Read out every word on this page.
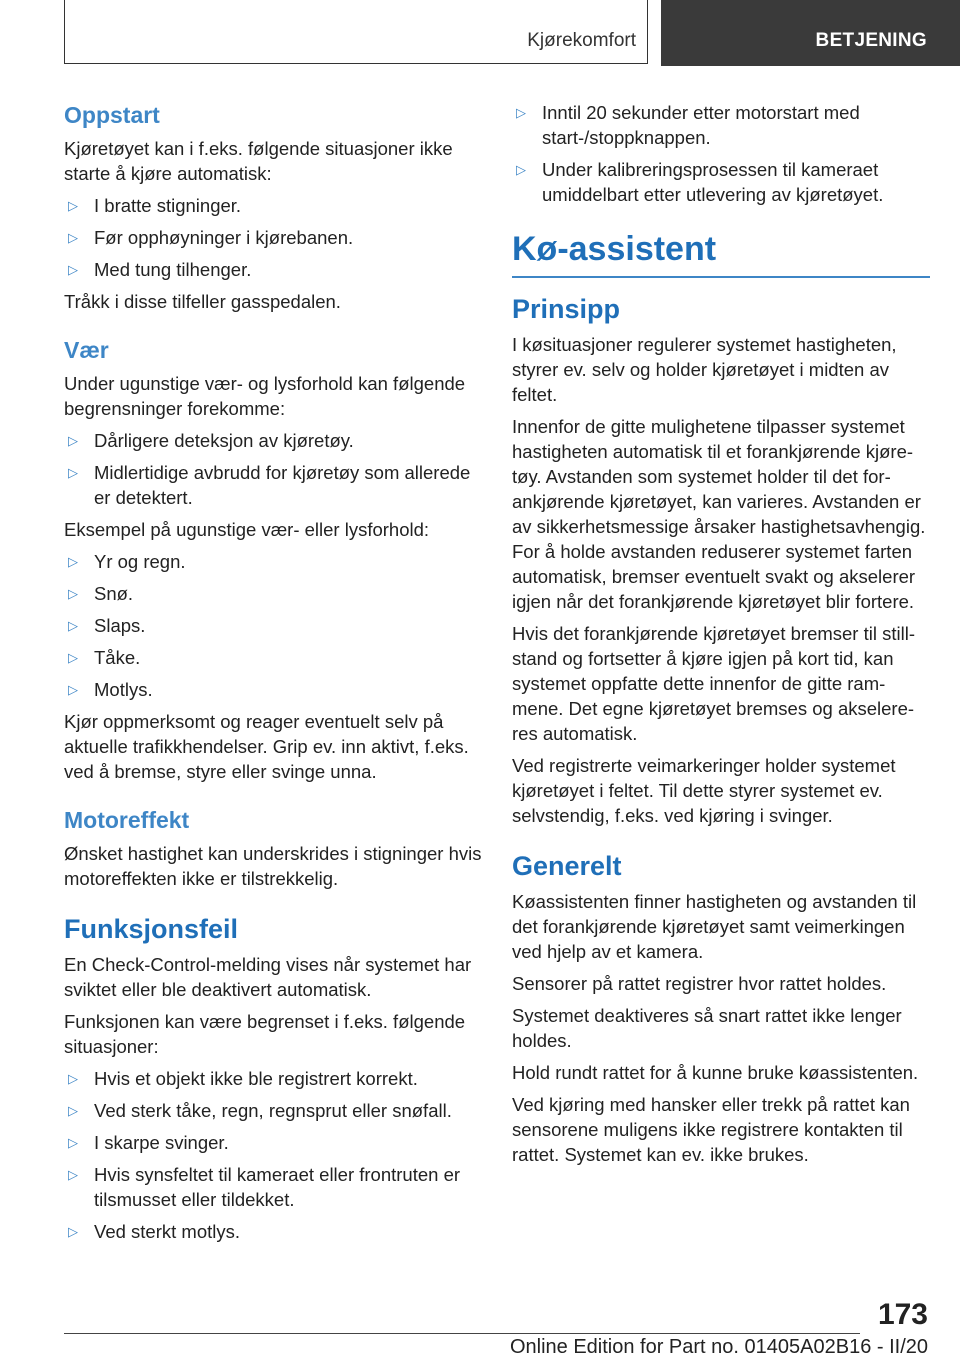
Kjørekomfort	BETJENING
Oppstart

Kjøretøyet kan i f.eks. følgende situasjoner ikke starte å kjøre automatisk:

▷ I bratte stigninger.
▷ Før opphøyninger i kjørebanen.
▷ Med tung tilhenger.

Tråkk i disse tilfeller gasspedalen.

Vær

Under ugunstige vær- og lysforhold kan følgende begrensninger forekomme:

▷ Dårligere deteksjon av kjøretøy.
▷ Midlertidige avbrudd for kjøretøy som allerede er detektert.

Eksempel på ugunstige vær- eller lysforhold:

▷ Yr og regn.
▷ Snø.
▷ Slaps.
▷ Tåke.
▷ Motlys.

Kjør oppmerksomt og reager eventuelt selv på aktuelle trafikkhendelser. Grip ev. inn aktivt, f.eks. ved å bremse, styre eller svinge unna.

Motoreffekt

Ønsket hastighet kan underskrides i stigninger hvis motoreffekten ikke er tilstrekkelig.

Funksjonsfeil

En Check-Control-melding vises når systemet har sviktet eller ble deaktivert automatisk.

Funksjonen kan være begrenset i f.eks. følgende situasjoner:

▷ Hvis et objekt ikke ble registrert korrekt.
▷ Ved sterk tåke, regn, regnsprut eller snøfall.
▷ I skarpe svinger.
▷ Hvis synsfeltet til kameraet eller frontruten er tilsmusset eller tildekket.
▷ Ved sterkt motlys.
▷ Inntil 20 sekunder etter motorstart med start-/stoppknappen.
▷ Under kalibreringsprosessen til kameraet umiddelbart etter utlevering av kjøretøyet.
Kø-assistent
Prinsipp

I køsituasjoner regulerer systemet hastigheten, styrer ev. selv og holder kjøretøyet i midten av feltet.

Innenfor de gitte mulighetene tilpasser systemet hastigheten automatisk til et forankjørende kjøretøy. Avstanden som systemet holder til det forankjørende kjøretøyet, kan varieres. Avstanden er av sikkerhetsmessige årsaker hastighetsavhengig. For å holde avstanden reduserer systemet farten automatisk, bremser eventuelt svakt og akselerer igjen når det forankjørende kjøretøyet blir fortere.

Hvis det forankjørende kjøretøyet bremser til stillstand og fortsetter å kjøre igjen på kort tid, kan systemet oppfatte dette innenfor de gitte rammene. Det egne kjøretøyet bremses og akselereres automatisk.

Ved registrerte veimarkeringer holder systemet kjøretøyet i feltet. Til dette styrer systemet ev. selvstendig, f.eks. ved kjøring i svinger.

Generelt

Køassistenten finner hastigheten og avstanden til det forankjørende kjøretøyet samt veimerkingen ved hjelp av et kamera.

Sensorer på rattet registrer hvor rattet holdes.

Systemet deaktiveres så snart rattet ikke lenger holdes.

Hold rundt rattet for å kunne bruke køassistenten.

Ved kjøring med hansker eller trekk på rattet kan sensorene muligens ikke registrere kontakten til rattet. Systemet kan ev. ikke brukes.

173
Online Edition for Part no. 01405A02B16 - II/20
